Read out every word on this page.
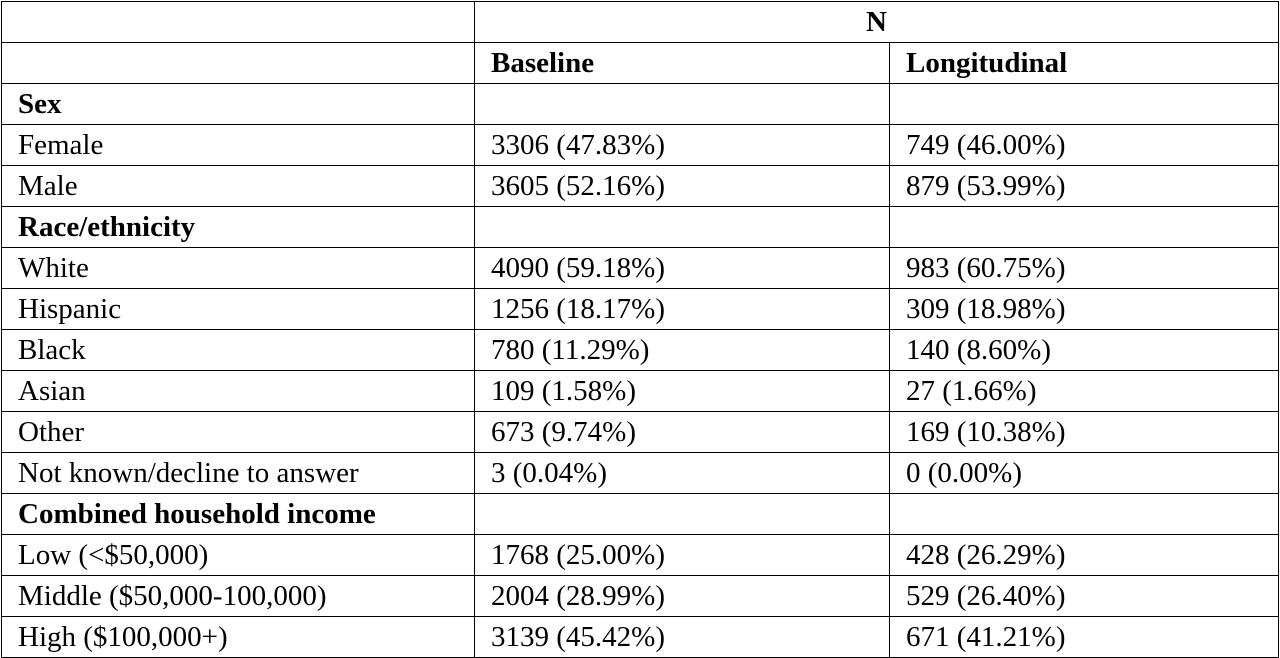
	N	
	Baseline	Longitudinal
Sex		
Female	3306 (47.83%)	749 (46.00%)
Male	3605 (52.16%)	879 (53.99%)
Race/ethnicity		
White	4090 (59.18%)	983 (60.75%)
Hispanic	1256 (18.17%)	309 (18.98%)
Black	780 (11.29%)	140 (8.60%)
Asian	109 (1.58%)	27 (1.66%)
Other	673 (9.74%)	169 (10.38%)
Not known/decline to answer	3 (0.04%)	0 (0.00%)
Combined household income		
Low (<$50,000)	1768 (25.00%)	428 (26.29%)
Middle ($50,000-100,000)	2004 (28.99%)	529 (26.40%)
High ($100,000+)	3139 (45.42%)	671 (41.21%)
